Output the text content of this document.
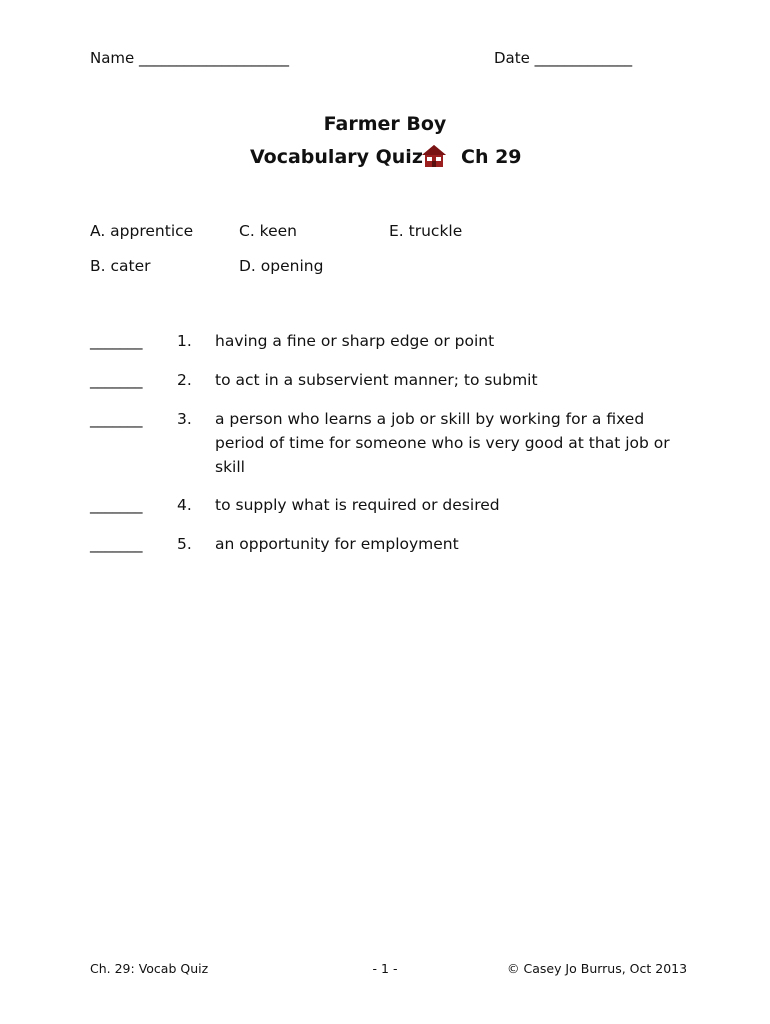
Name ____________________	Date _____________
Farmer Boy
Vocabulary Quiz Ch 29
A. apprentice
B. cater
C. keen
D. opening
E. truckle
_______ 1. having a fine or sharp edge or point
_______ 2. to act in a subservient manner; to submit
_______ 3. a person who learns a job or skill by working for a fixed period of time for someone who is very good at that job or skill
_______ 4. to supply what is required or desired
_______ 5. an opportunity for employment
Ch. 29: Vocab Quiz	- 1 -	© Casey Jo Burrus, Oct 2013
